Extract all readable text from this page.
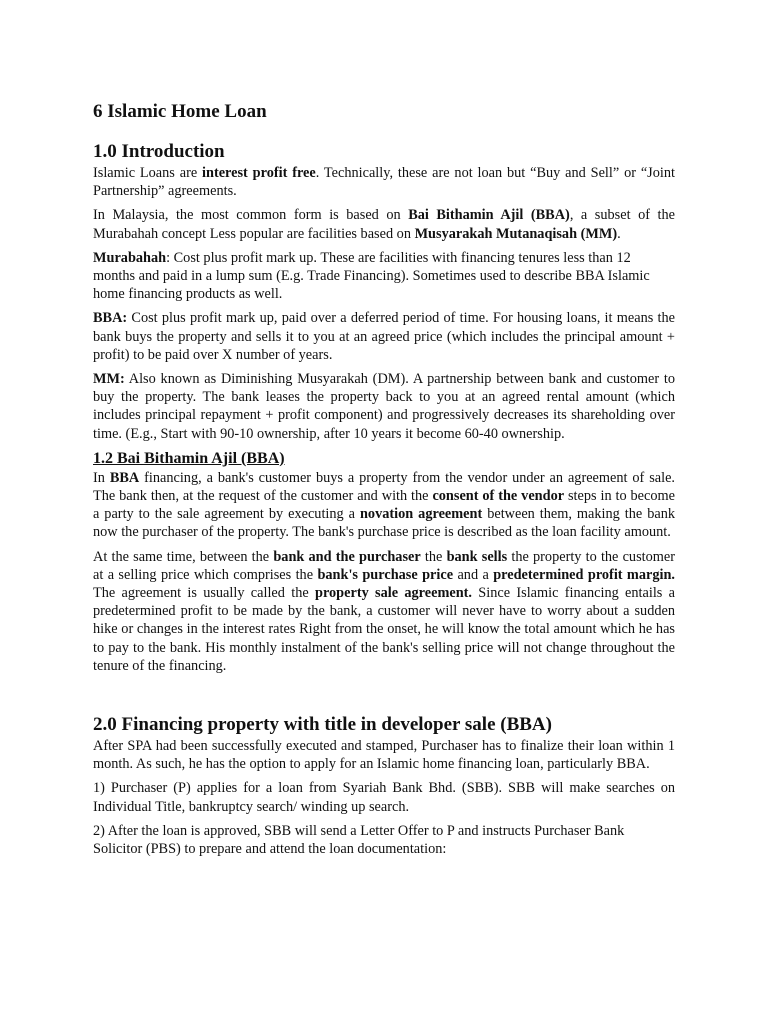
6 Islamic Home Loan
1.0 Introduction

Islamic Loans are interest profit free. Technically, these are not loan but “Buy and Sell” or “Joint Partnership” agreements.

In Malaysia, the most common form is based on Bai Bithamin Ajil (BBA), a subset of the Murabahah concept Less popular are facilities based on Musyarakah Mutanaqisah (MM).

Murabahah: Cost plus profit mark up. These are facilities with financing tenures less than 12 months and paid in a lump sum (E.g. Trade Financing). Sometimes used to describe BBA Islamic home financing products as well.

BBA: Cost plus profit mark up, paid over a deferred period of time. For housing loans, it means the bank buys the property and sells it to you at an agreed price (which includes the principal amount + profit) to be paid over X number of years.

MM: Also known as Diminishing Musyarakah (DM). A partnership between bank and customer to buy the property. The bank leases the property back to you at an agreed rental amount (which includes principal repayment + profit component) and progressively decreases its shareholding over time. (E.g., Start with 90-10 ownership, after 10 years it become 60-40 ownership.

1.2 Bai Bithamin Ajil (BBA)

In BBA financing, a bank's customer buys a property from the vendor under an agreement of sale. The bank then, at the request of the customer and with the consent of the vendor steps in to become a party to the sale agreement by executing a novation agreement between them, making the bank now the purchaser of the property. The bank's purchase price is described as the loan facility amount.

At the same time, between the bank and the purchaser the bank sells the property to the customer at a selling price which comprises the bank's purchase price and a predetermined profit margin. The agreement is usually called the property sale agreement. Since Islamic financing entails a predetermined profit to be made by the bank, a customer will never have to worry about a sudden hike or changes in the interest rates Right from the onset, he will know the total amount which he has to pay to the bank. His monthly instalment of the bank's selling price will not change throughout the tenure of the financing.

2.0 Financing property with title in developer sale (BBA)

After SPA had been successfully executed and stamped, Purchaser has to finalize their loan within 1 month. As such, he has the option to apply for an Islamic home financing loan, particularly BBA.

1) Purchaser (P) applies for a loan from Syariah Bank Bhd. (SBB). SBB will make searches on Individual Title, bankruptcy search/ winding up search.

2) After the loan is approved, SBB will send a Letter Offer to P and instructs Purchaser Bank Solicitor (PBS) to prepare and attend the loan documentation:
